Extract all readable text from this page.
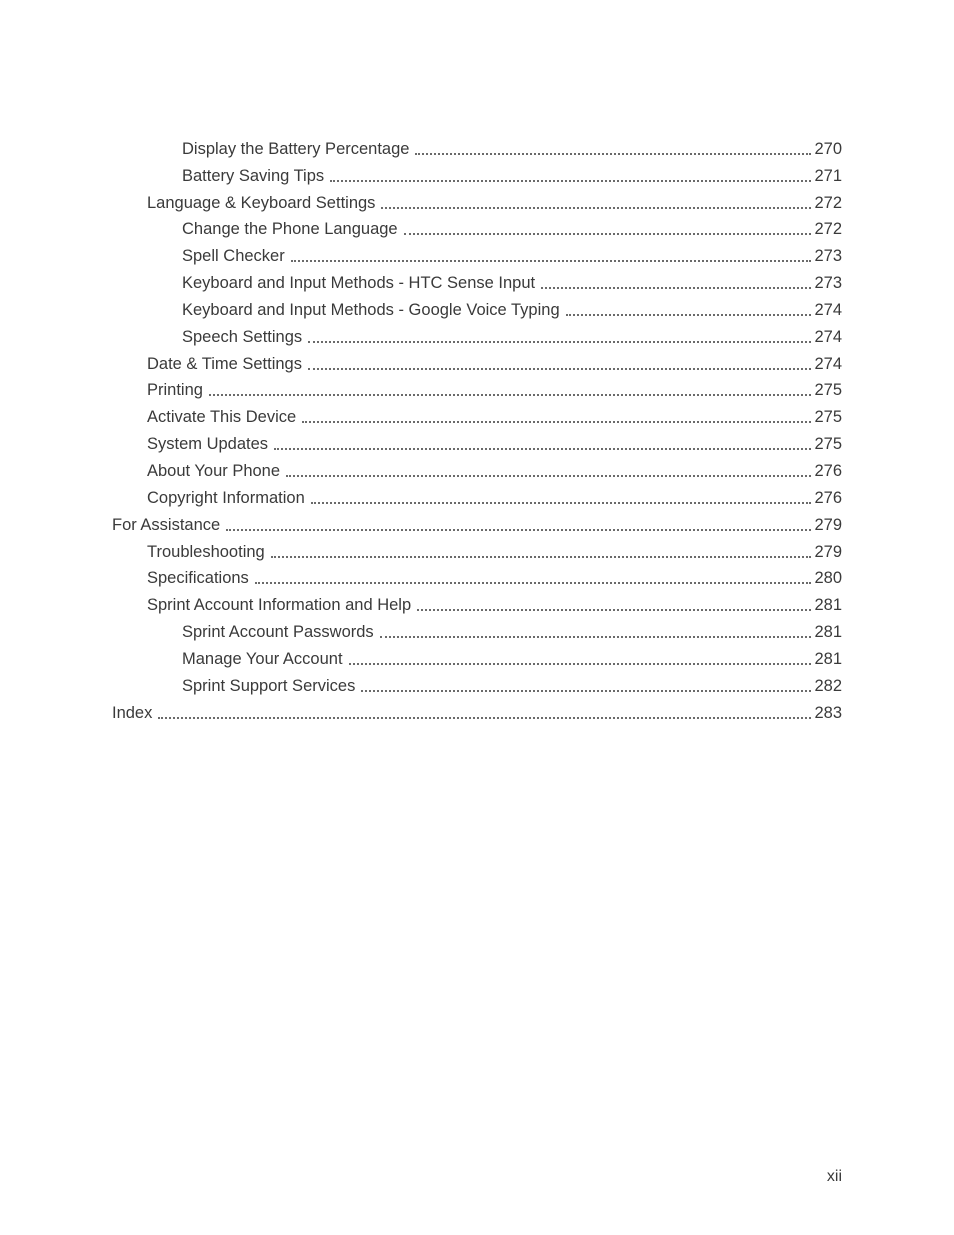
Display the Battery Percentage	270
Battery Saving Tips	271
Language & Keyboard Settings	272
Change the Phone Language	272
Spell Checker	273
Keyboard and Input Methods - HTC Sense Input	273
Keyboard and Input Methods - Google Voice Typing	274
Speech Settings	274
Date & Time Settings	274
Printing	275
Activate This Device	275
System Updates	275
About Your Phone	276
Copyright Information	276
For Assistance	279
Troubleshooting	279
Specifications	280
Sprint Account Information and Help	281
Sprint Account Passwords	281
Manage Your Account	281
Sprint Support Services	282
Index	283
xii
